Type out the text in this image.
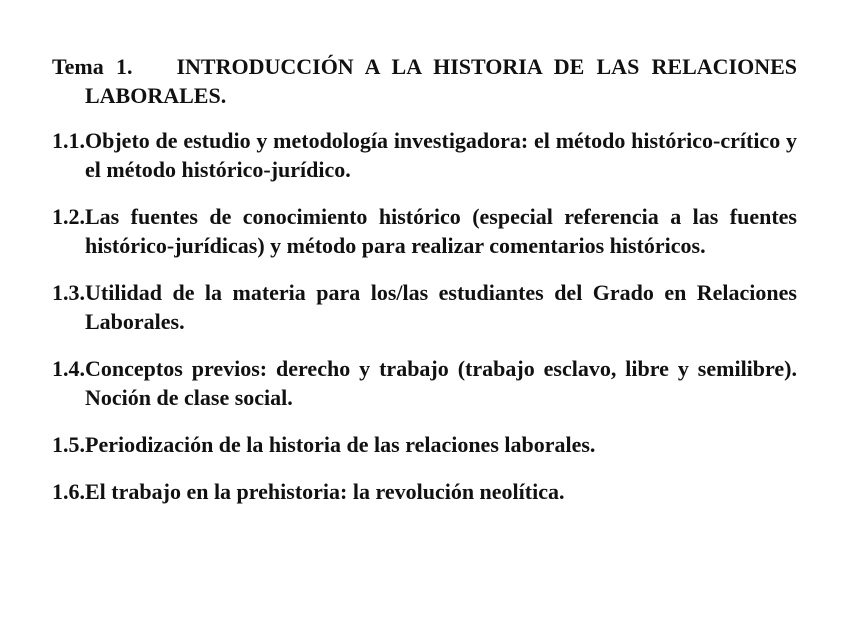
Tema 1. INTRODUCCIÓN A LA HISTORIA DE LAS RELACIONES LABORALES.
1.1. Objeto de estudio y metodología investigadora: el método histórico-crítico y el método histórico-jurídico.
1.2. Las fuentes de conocimiento histórico (especial referencia a las fuentes histórico-jurídicas) y método para realizar comentarios históricos.
1.3. Utilidad de la materia para los/las estudiantes del Grado en Relaciones Laborales.
1.4. Conceptos previos: derecho y trabajo (trabajo esclavo, libre y semilibre). Noción de clase social.
1.5. Periodización de la historia de las relaciones laborales.
1.6. El trabajo en la prehistoria: la revolución neolítica.
